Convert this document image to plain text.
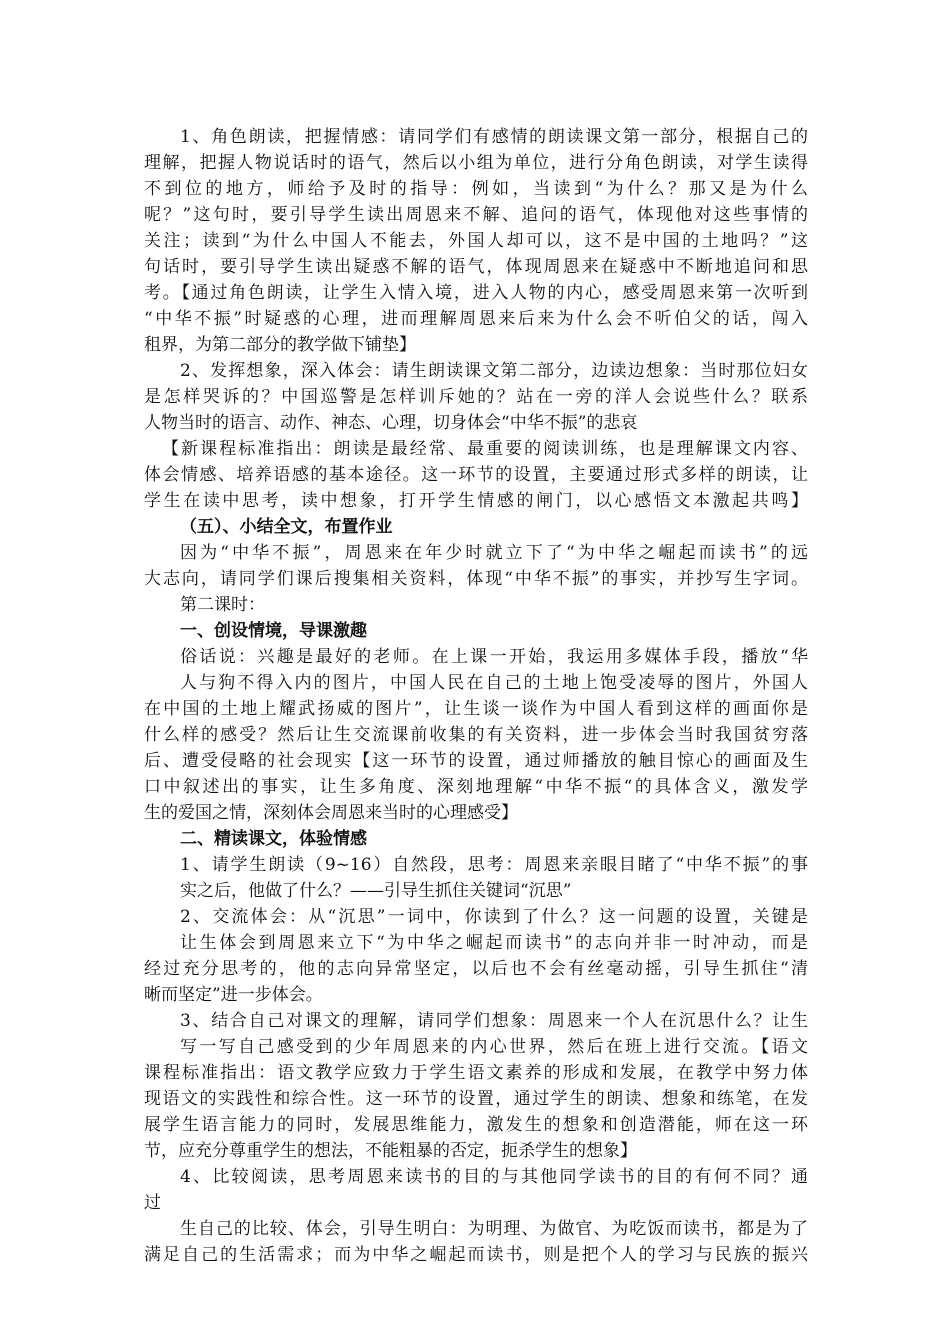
1、角色朗读，把握情感：请同学们有感情的朗读课文第一部分，根据自己的
理解，把握人物说话时的语气，然后以小组为单位，进行分角色朗读，对学生读得
不到位的地方，师给予及时的指导：例如，当读到“为什么？那又是为什么
呢？”这句时，要引导学生读出周恩来不解、追问的语气，体现他对这些事情的
关注；读到“为什么中国人不能去，外国人却可以，这不是中国的土地吗？”这
句话时，要引导学生读出疑惑不解的语气，体现周恩来在疑惑中不断地追问和思
考。【通过角色朗读，让学生入情入境，进入人物的内心，感受周恩来第一次听到
“中华不振”时疑惑的心理，进而理解周恩来后来为什么会不听伯父的话，闯入
租界，为第二部分的教学做下铺垫】
2、发挥想象，深入体会：请生朗读课文第二部分，边读边想象：当时那位妇女
是怎样哭诉的？中国巡警是怎样训斥她的？站在一旁的洋人会说些什么？联系
人物当时的语言、动作、神态、心理，切身体会“中华不振”的悲哀
【新课程标准指出：朗读是最经常、最重要的阅读训练，也是理解课文内容、
体会情感、培养语感的基本途径。这一环节的设置，主要通过形式多样的朗读，让
学生在读中思考，读中想象，打开学生情感的闸门，以心感悟文本激起共鸣】
（五）、小结全文，布置作业
因为“中华不振”，周恩来在年少时就立下了“为中华之崛起而读书”的远
大志向，请同学们课后搜集相关资料，体现“中华不振”的事实，并抄写生字词。
第二课时：
一、创设情境，导课激趣
俗话说：兴趣是最好的老师。在上课一开始，我运用多媒体手段，播放“华
人与狗不得入内的图片，中国人民在自己的土地上饱受凌辱的图片，外国人
在中国的土地上耀武扬威的图片”，让生谈一谈作为中国人看到这样的画面你是
什么样的感受？然后让生交流课前收集的有关资料，进一步体会当时我国贫穷落
后、遭受侵略的社会现实【这一环节的设置，通过师播放的触目惊心的画面及生
口中叙述出的事实，让生多角度、深刻地理解“中华不振“的具体含义，激发学
生的爱国之情，深刻体会周恩来当时的心理感受】
二、精读课文，体验情感
1、请学生朗读（9~16）自然段，思考：周恩来亲眼目睹了“中华不振”的事
实之后，他做了什么？——引导生抓住关键词“沉思”
2、交流体会：从“沉思”一词中，你读到了什么？这一问题的设置，关键是
让生体会到周恩来立下“为中华之崛起而读书”的志向并非一时冲动，而是
经过充分思考的，他的志向异常坚定，以后也不会有丝毫动摇，引导生抓住“清
晰而坚定”进一步体会。
3、结合自己对课文的理解，请同学们想象：周恩来一个人在沉思什么？让生
写一写自己感受到的少年周恩来的内心世界，然后在班上进行交流。【语文
课程标准指出：语文教学应致力于学生语文素养的形成和发展，在教学中努力体
现语文的实践性和综合性。这一环节的设置，通过学生的朗读、想象和练笔，在发
展学生语言能力的同时，发展思维能力，激发生的想象和创造潜能，师在这一环
节，应充分尊重学生的想法，不能粗暴的否定，扼杀学生的想象】
4、比较阅读，思考周恩来读书的目的与其他同学读书的目的有何不同？通
过
生自己的比较、体会，引导生明白：为明理、为做官、为吃饭而读书，都是为了
满足自己的生活需求；而为中华之崛起而读书，则是把个人的学习与民族的振兴
